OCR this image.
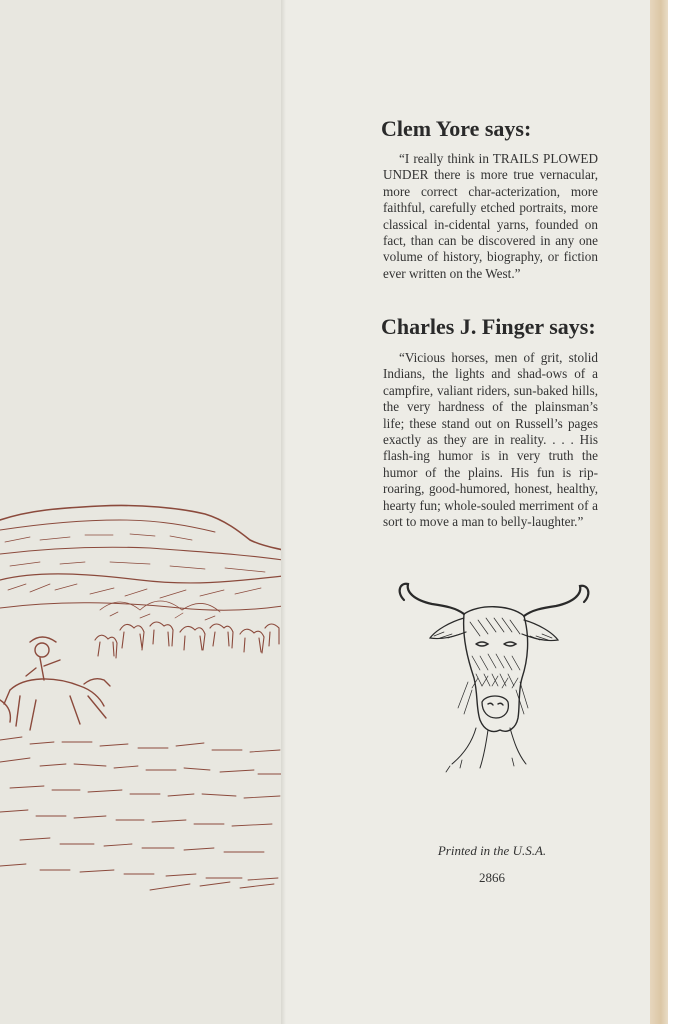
Clem Yore says:

“I really think in TRAILS PLOWED UNDER there is more true vernacular, more correct char-acterization, more faithful, carefully etched portraits, more classical in-cidental yarns, founded on fact, than can be discovered in any one volume of history, biography, or fiction ever written on the West.”

Charles J. Finger says:

“Vicious horses, men of grit, stolid Indians, the lights and shad-ows of a campfire, valiant riders, sun-baked hills, the very hardness of the plainsman’s life; these stand out on Russell’s pages exactly as they are in reality. . . . His flash-ing humor is in very truth the humor of the plains. His fun is rip-roaring, good-humored, honest, healthy, hearty fun; whole-souled merriment of a sort to move a man to belly-laughter.”

Printed in the U.S.A.

2866
